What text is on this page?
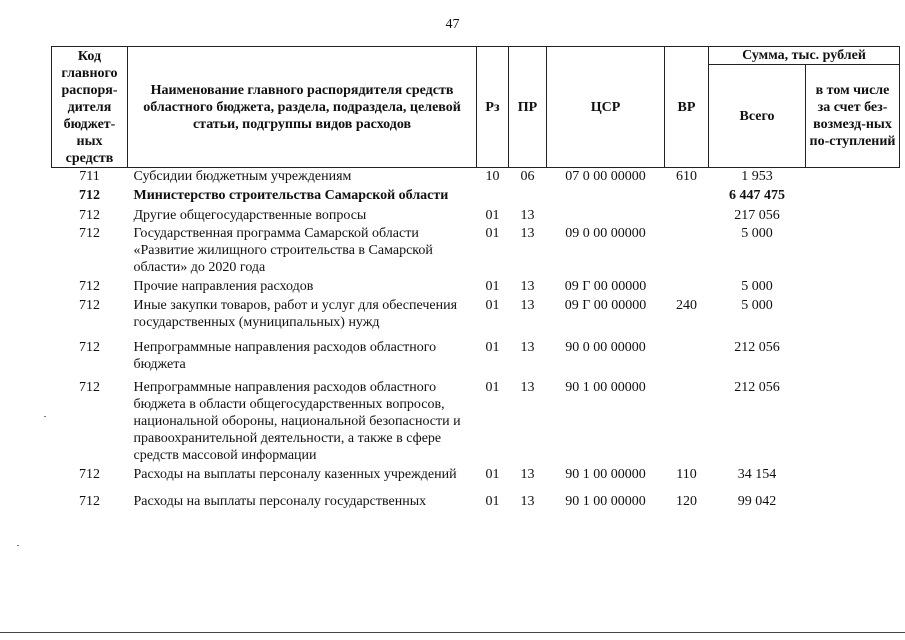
47
Код главного распоря-дителя бюджет-ных средств	Наименование главного распорядителя средств областного бюджета, раздела, подраздела, целевой статьи, подгруппы видов расходов	Рз	ПР	ЦСР	ВР	Сумма, тыс. рублей	
						Всего	в том числе за счет без-возмезд-ных по-ступлений
711	Субсидии бюджетным учреждениям	10	06	07 0 00 00000	610	1 953	
712	Министерство строительства Самарской области					6 447 475	
712	Другие общегосударственные вопросы	01	13			217 056	
712	Государственная программа Самарской области «Развитие жилищного строительства в Самарской области» до 2020 года	01	13	09 0 00 00000		5 000	
712	Прочие направления расходов	01	13	09 Г 00 00000		5 000	
712	Иные закупки товаров, работ и услуг для обеспечения государственных (муниципальных) нужд	01	13	09 Г 00 00000	240	5 000	
712	Непрограммные направления расходов областного бюджета	01	13	90 0 00 00000		212 056	
712	Непрограммные направления расходов областного бюджета в области общегосударственных вопросов, национальной обороны, национальной безопасности и правоохранительной деятельности, а также в сфере средств массовой информации	01	13	90 1 00 00000		212 056	
712	Расходы на выплаты персоналу казенных учреждений	01	13	90 1 00 00000	110	34 154	
712	Расходы на выплаты персоналу государственных	01	13	90 1 00 00000	120	99 042	
